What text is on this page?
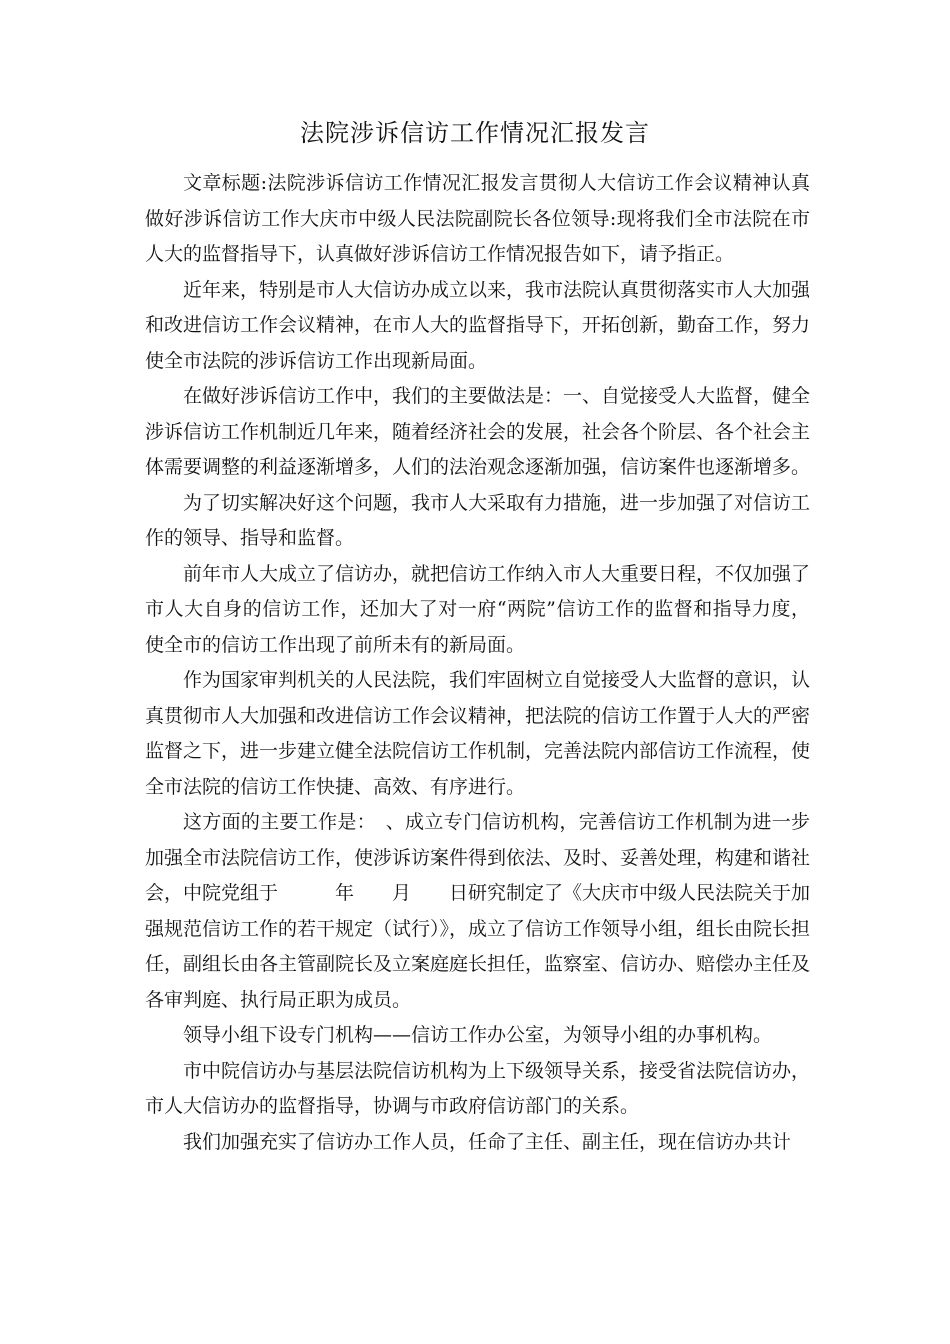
法院涉诉信访工作情况汇报发言

文章标题:法院涉诉信访工作情况汇报发言贯彻人大信访工作会议精神认真做好涉诉信访工作大庆市中级人民法院副院长各位领导:现将我们全市法院在市人大的监督指导下，认真做好涉诉信访工作情况报告如下，请予指正。

近年来，特别是市人大信访办成立以来，我市法院认真贯彻落实市人大加强和改进信访工作会议精神，在市人大的监督指导下，开拓创新，勤奋工作，努力使全市法院的涉诉信访工作出现新局面。

在做好涉诉信访工作中，我们的主要做法是：一、自觉接受人大监督，健全涉诉信访工作机制近几年来，随着经济社会的发展，社会各个阶层、各个社会主体需要调整的利益逐渐增多，人们的法治观念逐渐加强，信访案件也逐渐增多。

为了切实解决好这个问题，我市人大采取有力措施，进一步加强了对信访工作的领导、指导和监督。

前年市人大成立了信访办，就把信访工作纳入市人大重要日程，不仅加强了市人大自身的信访工作，还加大了对一府“两院”信访工作的监督和指导力度，使全市的信访工作出现了前所未有的新局面。

作为国家审判机关的人民法院，我们牢固树立自觉接受人大监督的意识，认真贯彻市人大加强和改进信访工作会议精神，把法院的信访工作置于人大的严密监督之下，进一步建立健全法院信访工作机制，完善法院内部信访工作流程，使全市法院的信访工作快捷、高效、有序进行。

这方面的主要工作是：　、成立专门信访机构，完善信访工作机制为进一步加强全市法院信访工作，使涉诉访案件得到依法、及时、妥善处理，构建和谐社会，中院党组于　　　年　　月　　日研究制定了《大庆市中级人民法院关于加强规范信访工作的若干规定（试行）》，成立了信访工作领导小组，组长由院长担任，副组长由各主管副院长及立案庭庭长担任，监察室、信访办、赔偿办主任及各审判庭、执行局正职为成员。

领导小组下设专门机构——信访工作办公室，为领导小组的办事机构。

市中院信访办与基层法院信访机构为上下级领导关系，接受省法院信访办，市人大信访办的监督指导，协调与市政府信访部门的关系。

我们加强充实了信访办工作人员，任命了主任、副主任，现在信访办共计
